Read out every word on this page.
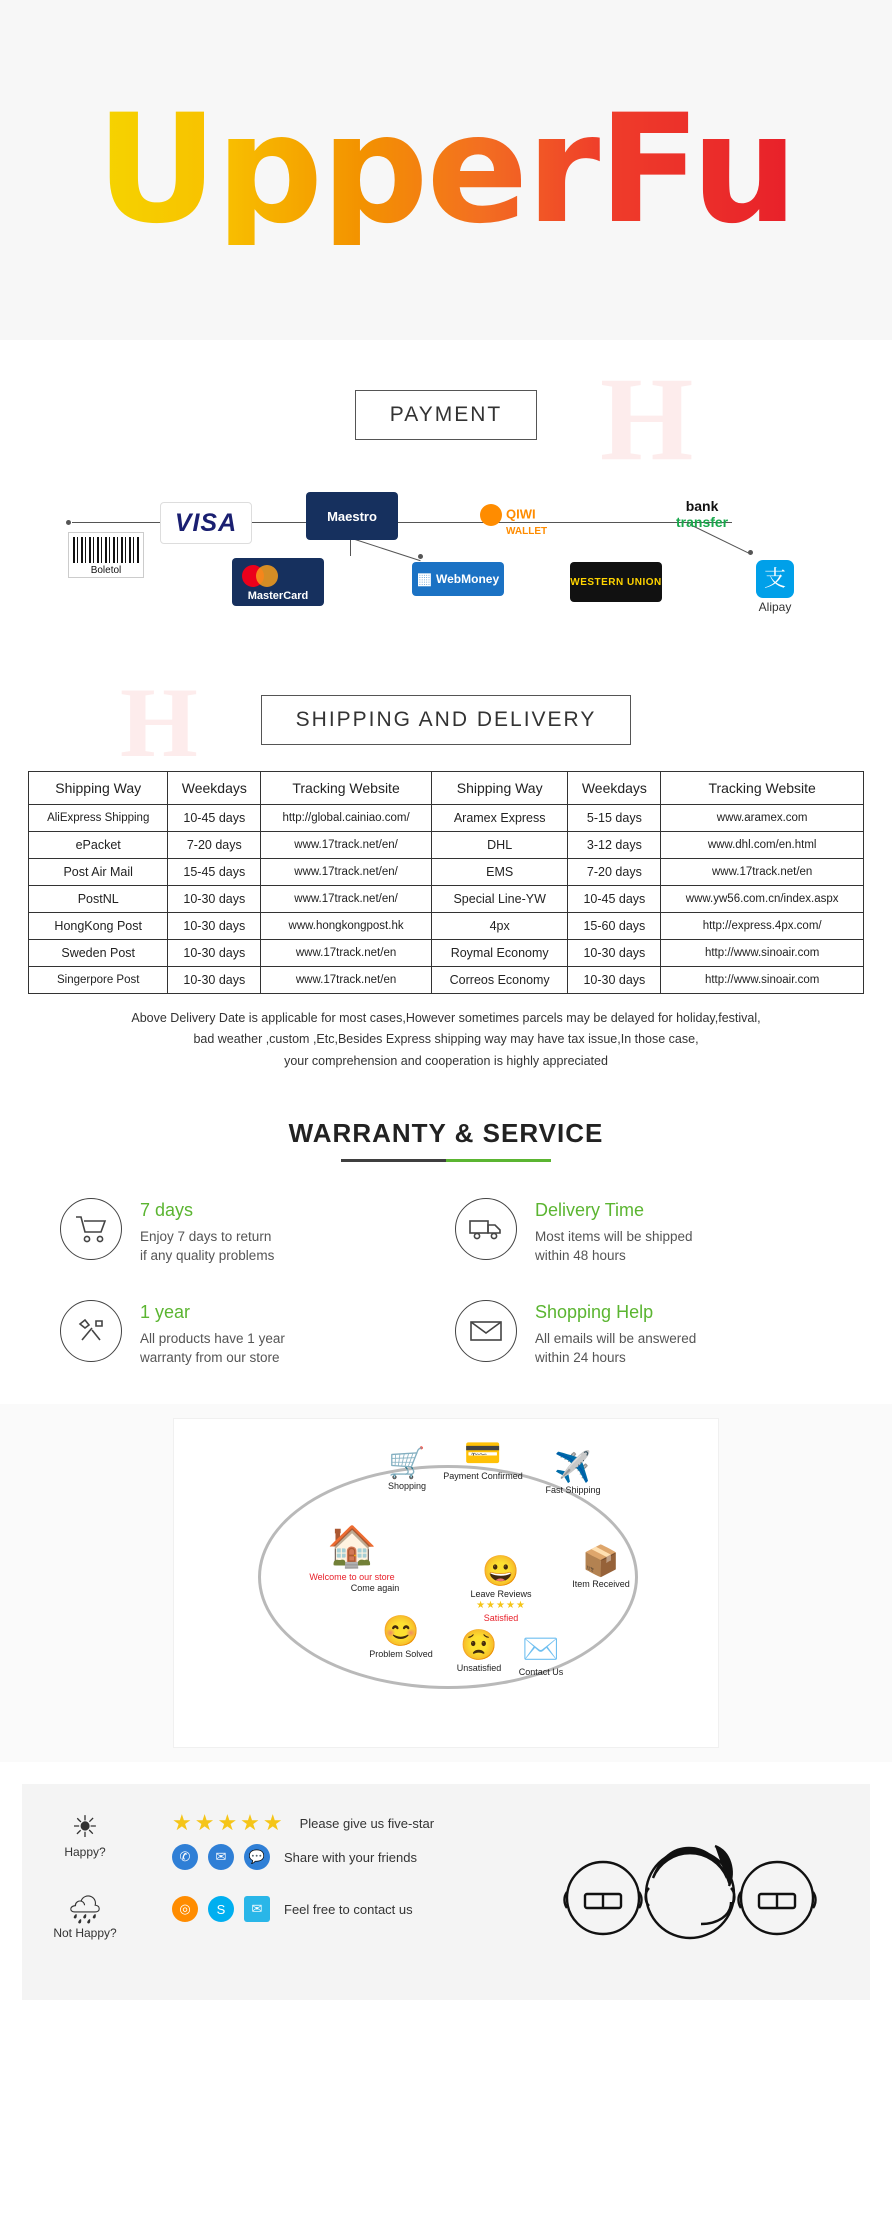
UpperFu
H
PAYMENT
Boletol
VISA	Maestro
MasterCard
▦ WebMoney
QIWI
WALLET
WESTERN UNION
bank
transfer
支
Alipay
H	SHIPPING AND DELIVERY
Shipping Way	Weekdays	Tracking Website	Shipping Way	Weekdays	Tracking Website
AliExpress Shipping	10-45 days	http://global.cainiao.com/	Aramex Express	5-15 days	www.aramex.com
ePacket	7-20 days	www.17track.net/en/	DHL	3-12 days	www.dhl.com/en.html
Post Air Mail	15-45 days	www.17track.net/en/	EMS	7-20 days	www.17track.net/en
PostNL	10-30 days	www.17track.net/en/	Special Line-YW	10-45 days	www.yw56.com.cn/index.aspx
HongKong Post	10-30 days	www.hongkongpost.hk	4px	15-60 days	http://express.4px.com/
Sweden Post	10-30 days	www.17track.net/en	Roymal Economy	10-30 days	http://www.sinoair.com
Singerpore Post	10-30 days	www.17track.net/en	Correos Economy	10-30 days	http://www.sinoair.com
Above Delivery Date is applicable for most cases,However sometimes parcels may be delayed for holiday,festival,
bad weather ,custom ,Etc,Besides Express shipping way may have tax issue,In those case,
your comprehension and cooperation is highly appreciated
WARRANTY & SERVICE
7 days
Enjoy 7 days to return
if any quality problems
Delivery Time
Most items will be shipped
within 48 hours
1 year
All products have 1 year
warranty from our store
Shopping Help
All emails will be answered
within 24 hours
🛒
Shopping
💳
Payment Confirmed	✈️
Fast Shipping
📦
Item Received
😀
Leave Reviews
★★★★★
Satisfied
😟
Unsatisfied
✉️
Contact Us
😊
Problem Solved
Come again
🏠
Welcome to our store
☀
Happy?
🌧
Not Happy?
★★★★★ Please give us five-star
✆	✉	💬	Share with your friends
◎	S	✉	Feel free to contact us
